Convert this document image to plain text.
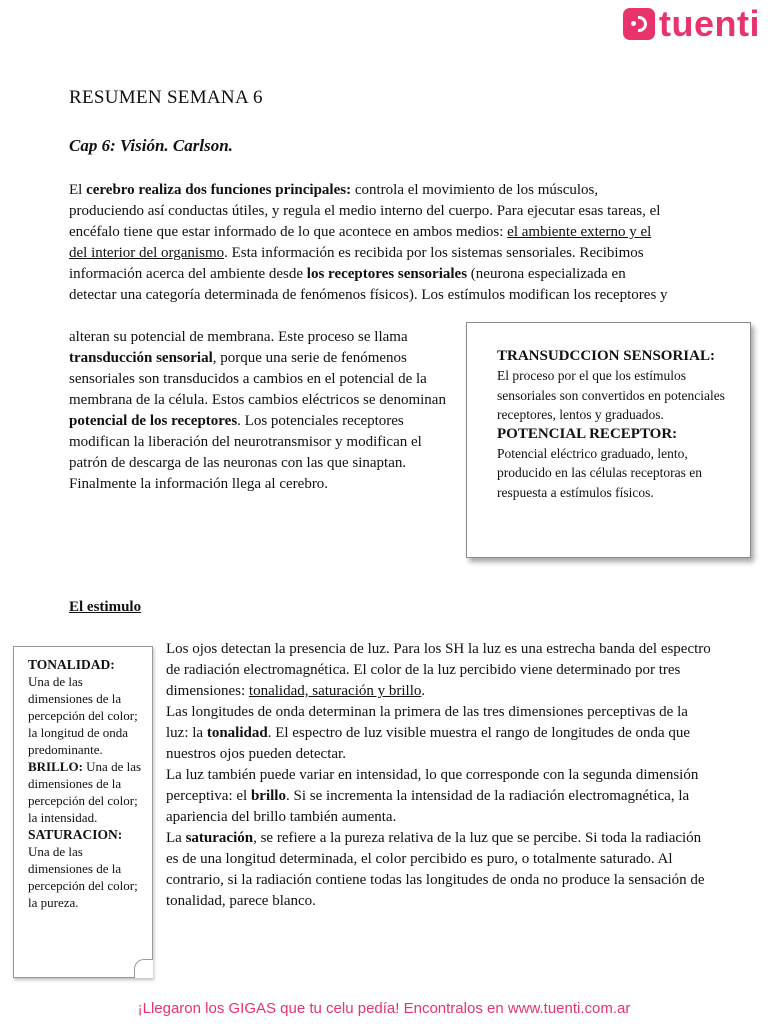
tuenti
RESUMEN SEMANA 6
Cap 6: Visión. Carlson.
El cerebro realiza dos funciones principales: controla el movimiento de los músculos, produciendo así conductas útiles, y regula el medio interno del cuerpo. Para ejecutar esas tareas, el encéfalo tiene que estar informado de lo que acontece en ambos medios: el ambiente externo y el del interior del organismo. Esta información es recibida por los sistemas sensoriales. Recibimos información acerca del ambiente desde los receptores sensoriales (neurona especializada en detectar una categoría determinada de fenómenos físicos). Los estímulos modifican los receptores y
alteran su potencial de membrana. Este proceso se llama transducción sensorial, porque una serie de fenómenos sensoriales son transducidos a cambios en el potencial de la membrana de la célula. Estos cambios eléctricos se denominan potencial de los receptores. Los potenciales receptores modifican la liberación del neurotransmisor y modifican el patrón de descarga de las neuronas con las que sinaptan. Finalmente la información llega al cerebro.
TRANSUDCCION SENSORIAL:
El proceso por el que los estímulos sensoriales son convertidos en potenciales receptores, lentos y graduados.
POTENCIAL RECEPTOR:
Potencial eléctrico graduado, lento, producido en las células receptoras en respuesta a estímulos físicos.
El estimulo
TONALIDAD:
Una de las dimensiones de la percepción del color; la longitud de onda predominante.
BRILLO: Una de las dimensiones de la percepción del color; la intensidad.
SATURACION:
Una de las dimensiones de la percepción del color; la pureza.
Los ojos detectan la presencia de luz. Para los SH la luz es una estrecha banda del espectro de radiación electromagnética. El color de la luz percibido viene determinado por tres dimensiones: tonalidad, saturación y brillo.
Las longitudes de onda determinan la primera de las tres dimensiones perceptivas de la luz: la tonalidad. El espectro de luz visible muestra el rango de longitudes de onda que nuestros ojos pueden detectar.
La luz también puede variar en intensidad, lo que corresponde con la segunda dimensión perceptiva: el brillo. Si se incrementa la intensidad de la radiación electromagnética, la apariencia del brillo también aumenta.
La saturación, se refiere a la pureza relativa de la luz que se percibe. Si toda la radiación es de una longitud determinada, el color percibido es puro, o totalmente saturado. Al contrario, si la radiación contiene todas las longitudes de onda no produce la sensación de tonalidad, parece blanco.
¡Llegaron los GIGAS que tu celu pedía! Encontralos en www.tuenti.com.ar
